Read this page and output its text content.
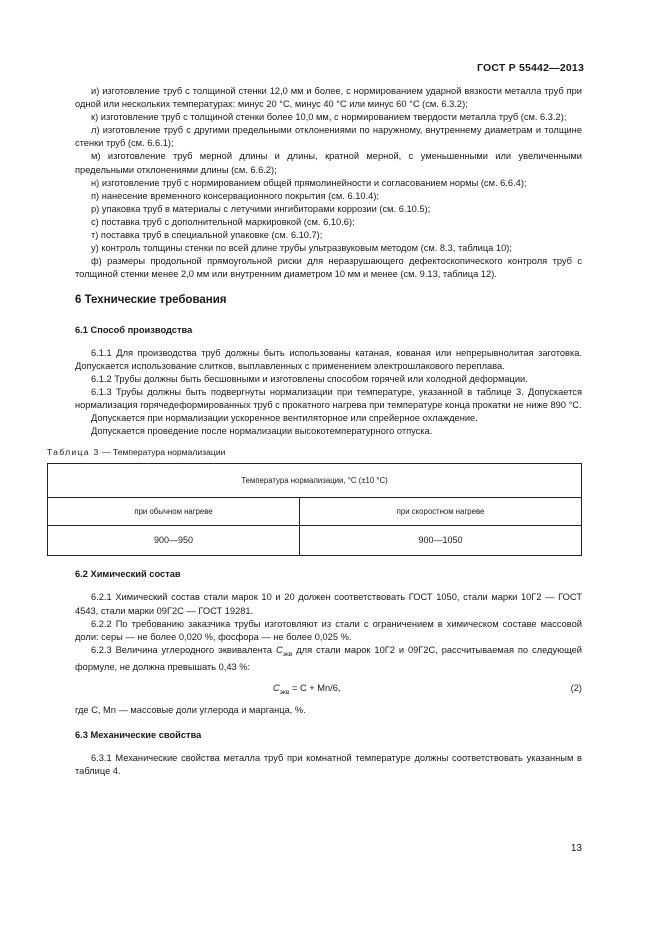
ГОСТ Р 55442—2013

и) изготовление труб с толщиной стенки 12,0 мм и более, с нормированием ударной вязкости металла труб при одной или нескольких температурах: минус 20 °С, минус 40 °С или минус 60 °С (см. 6.3.2);

к) изготовление труб с толщиной стенки более 10,0 мм, с нормированием твердости металла труб (см. 6.3.2);

л) изготовление труб с другими предельными отклонениями по наружному, внутреннему диаметрам и толщине стенки труб (см. 6.6.1);

м) изготовление труб мерной длины и длины, кратной мерной, с уменьшенными или увеличенными предельными отклонениями длины (см. 6.6.2);

н) изготовление труб с нормированием общей прямолинейности и согласованием нормы (см. 6.6.4);

п) нанесение временного консервационного покрытия (см. 6.10.4);

р) упаковка труб в материалы с летучими ингибиторами коррозии (см. 6.10.5);

с) поставка труб с дополнительной маркировкой (см. 6.10.6);

т) поставка труб в специальной упаковке (см. 6.10.7);

у) контроль толщины стенки по всей длине трубы ультразвуковым методом (см. 8.3, таблица 10);

ф) размеры продольной прямоугольной риски для неразрушающего дефектоскопического контроля труб с толщиной стенки менее 2,0 мм или внутренним диаметром 10 мм и менее (см. 9.13, таблица 12).

6 Технические требования

6.1 Способ производства

6.1.1 Для производства труб должны быть использованы катаная, кованая или непрерывнолитая заготовка. Допускается использование слитков, выплавленных с применением электрошлакового переплава.

6.1.2 Трубы должны быть бесшовными и изготовлены способом горячей или холодной деформации.

6.1.3 Трубы должны быть подвергнуты нормализации при температуре, указанной в таблице 3. Допускается нормализация горячедеформированных труб с прокатного нагрева при температуре конца прокатки не ниже 890 °С.

Допускается при нормализации ускоренное вентиляторное или спрейерное охлаждение.

Допускается проведение после нормализации высокотемпературного отпуска.

Таблица 3 — Температура нормализации

Температура нормализации, °С (±10 °С)	
при обычном нагреве	при скоростном нагреве
900—950	900—1050

6.2 Химический состав

6.2.1 Химический состав стали марок 10 и 20 должен соответствовать ГОСТ 1050, стали марки 10Г2 — ГОСТ 4543, стали марки 09Г2С — ГОСТ 19281.

6.2.2 По требованию заказчика трубы изготовляют из стали с ограничением в химическом составе массовой доли: серы — не более 0,020 %, фосфора — не более 0,025 %.

6.2.3 Величина углеродного эквивалента $C_{экв}$ для стали марок 10Г2 и 09Г2С, рассчитываемая по следующей формуле, не должна превышать 0,43 %:

$C_{экв} = C + Mn/6$,	(2)

где C, Mn — массовые доли углерода и марганца, %.

6.3 Механические свойства

6.3.1 Механические свойства металла труб при комнатной температуре должны соответствовать указанным в таблице 4.

13
